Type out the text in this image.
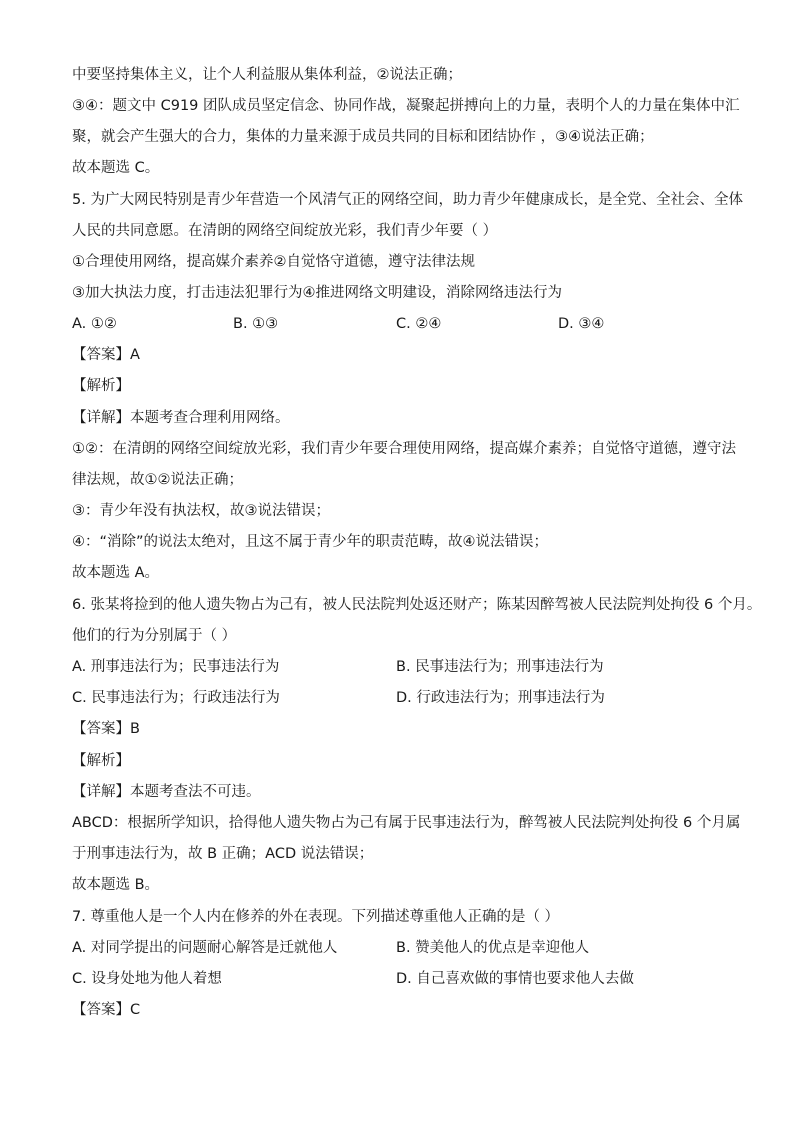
中要坚持集体主义，让个人利益服从集体利益，②说法正确；
③④：题文中 C919 团队成员坚定信念、协同作战，凝聚起拼搏向上的力量，表明个人的力量在集体中汇
聚，就会产生强大的合力，集体的力量来源于成员共同的目标和团结协作 ，③④说法正确；
故本题选 C。
5. 为广大网民特别是青少年营造一个风清气正的网络空间，助力青少年健康成长，是全党、全社会、全体
人民的共同意愿。在清朗的网络空间绽放光彩，我们青少年要（ ）
①合理使用网络，提高媒介素养②自觉恪守道德，遵守法律法规
③加大执法力度，打击违法犯罪行为④推进网络文明建设，消除网络违法行为
A. ①②	B. ①③	C. ②④	D. ③④
【答案】A
【解析】
【详解】本题考查合理利用网络。
①②：在清朗的网络空间绽放光彩，我们青少年要合理使用网络，提高媒介素养；自觉恪守道德，遵守法
律法规，故①②说法正确；
③：青少年没有执法权，故③说法错误；
④：“消除”的说法太绝对，且这不属于青少年的职责范畴，故④说法错误；
故本题选 A。
6. 张某将捡到的他人遗失物占为己有，被人民法院判处返还财产；陈某因醉驾被人民法院判处拘役 6 个月。
他们的行为分别属于（ ）
A. 刑事违法行为；民事违法行为	B. 民事违法行为；刑事违法行为
C. 民事违法行为；行政违法行为	D. 行政违法行为；刑事违法行为
【答案】B
【解析】
【详解】本题考查法不可违。
ABCD：根据所学知识，拾得他人遗失物占为己有属于民事违法行为，醉驾被人民法院判处拘役 6 个月属
于刑事违法行为，故 B 正确；ACD 说法错误；
故本题选 B。
7. 尊重他人是一个人内在修养的外在表现。下列描述尊重他人正确的是（ ）
A. 对同学提出的问题耐心解答是迁就他人	B. 赞美他人的优点是幸迎他人
C. 设身处地为他人着想	D. 自己喜欢做的事情也要求他人去做
【答案】C
